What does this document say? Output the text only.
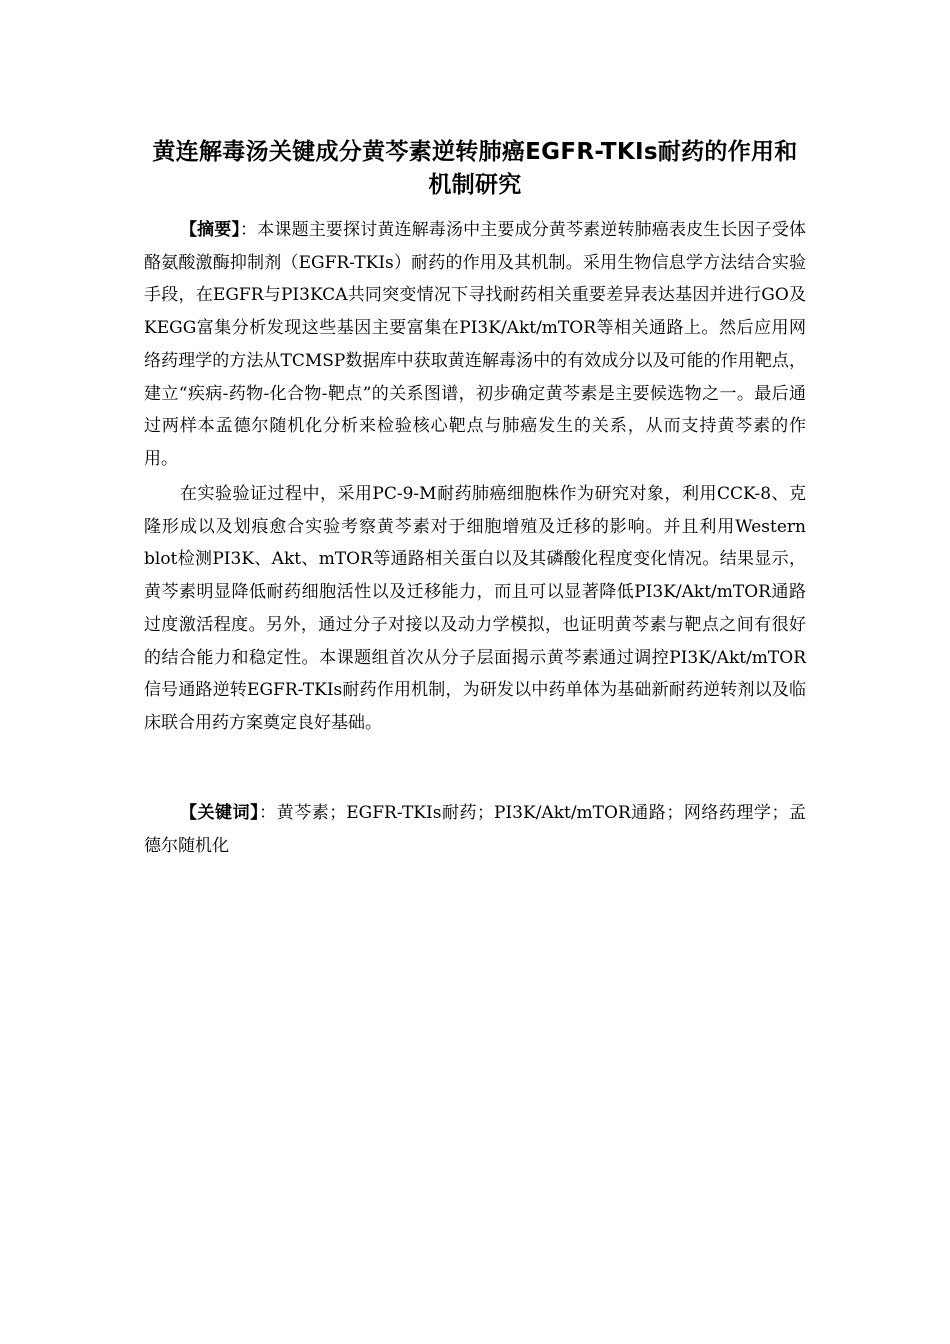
黄连解毒汤关键成分黄芩素逆转肺癌EGFR-TKIs耐药的作用和机制研究

【摘要】：本课题主要探讨黄连解毒汤中主要成分黄芩素逆转肺癌表皮生长因子受体酪氨酸激酶抑制剂（EGFR-TKIs）耐药的作用及其机制。采用生物信息学方法结合实验手段，在EGFR与PI3KCA共同突变情况下寻找耐药相关重要差异表达基因并进行GO及KEGG富集分析发现这些基因主要富集在PI3K/Akt/mTOR等相关通路上。然后应用网络药理学的方法从TCMSP数据库中获取黄连解毒汤中的有效成分以及可能的作用靶点，建立“疾病-药物-化合物-靶点”的关系图谱，初步确定黄芩素是主要候选物之一。最后通过两样本孟德尔随机化分析来检验核心靶点与肺癌发生的关系，从而支持黄芩素的作用。

在实验验证过程中，采用PC-9-M耐药肺癌细胞株作为研究对象，利用CCK-8、克隆形成以及划痕愈合实验考察黄芩素对于细胞增殖及迁移的影响。并且利用Western blot检测PI3K、Akt、mTOR等通路相关蛋白以及其磷酸化程度变化情况。结果显示，黄芩素明显降低耐药细胞活性以及迁移能力，而且可以显著降低PI3K/Akt/mTOR通路过度激活程度。另外，通过分子对接以及动力学模拟，也证明黄芩素与靶点之间有很好的结合能力和稳定性。本课题组首次从分子层面揭示黄芩素通过调控PI3K/Akt/mTOR信号通路逆转EGFR-TKIs耐药作用机制，为研发以中药单体为基础新耐药逆转剂以及临床联合用药方案奠定良好基础。

【关键词】：黄芩素；EGFR-TKIs耐药；PI3K/Akt/mTOR通路；网络药理学；孟德尔随机化
